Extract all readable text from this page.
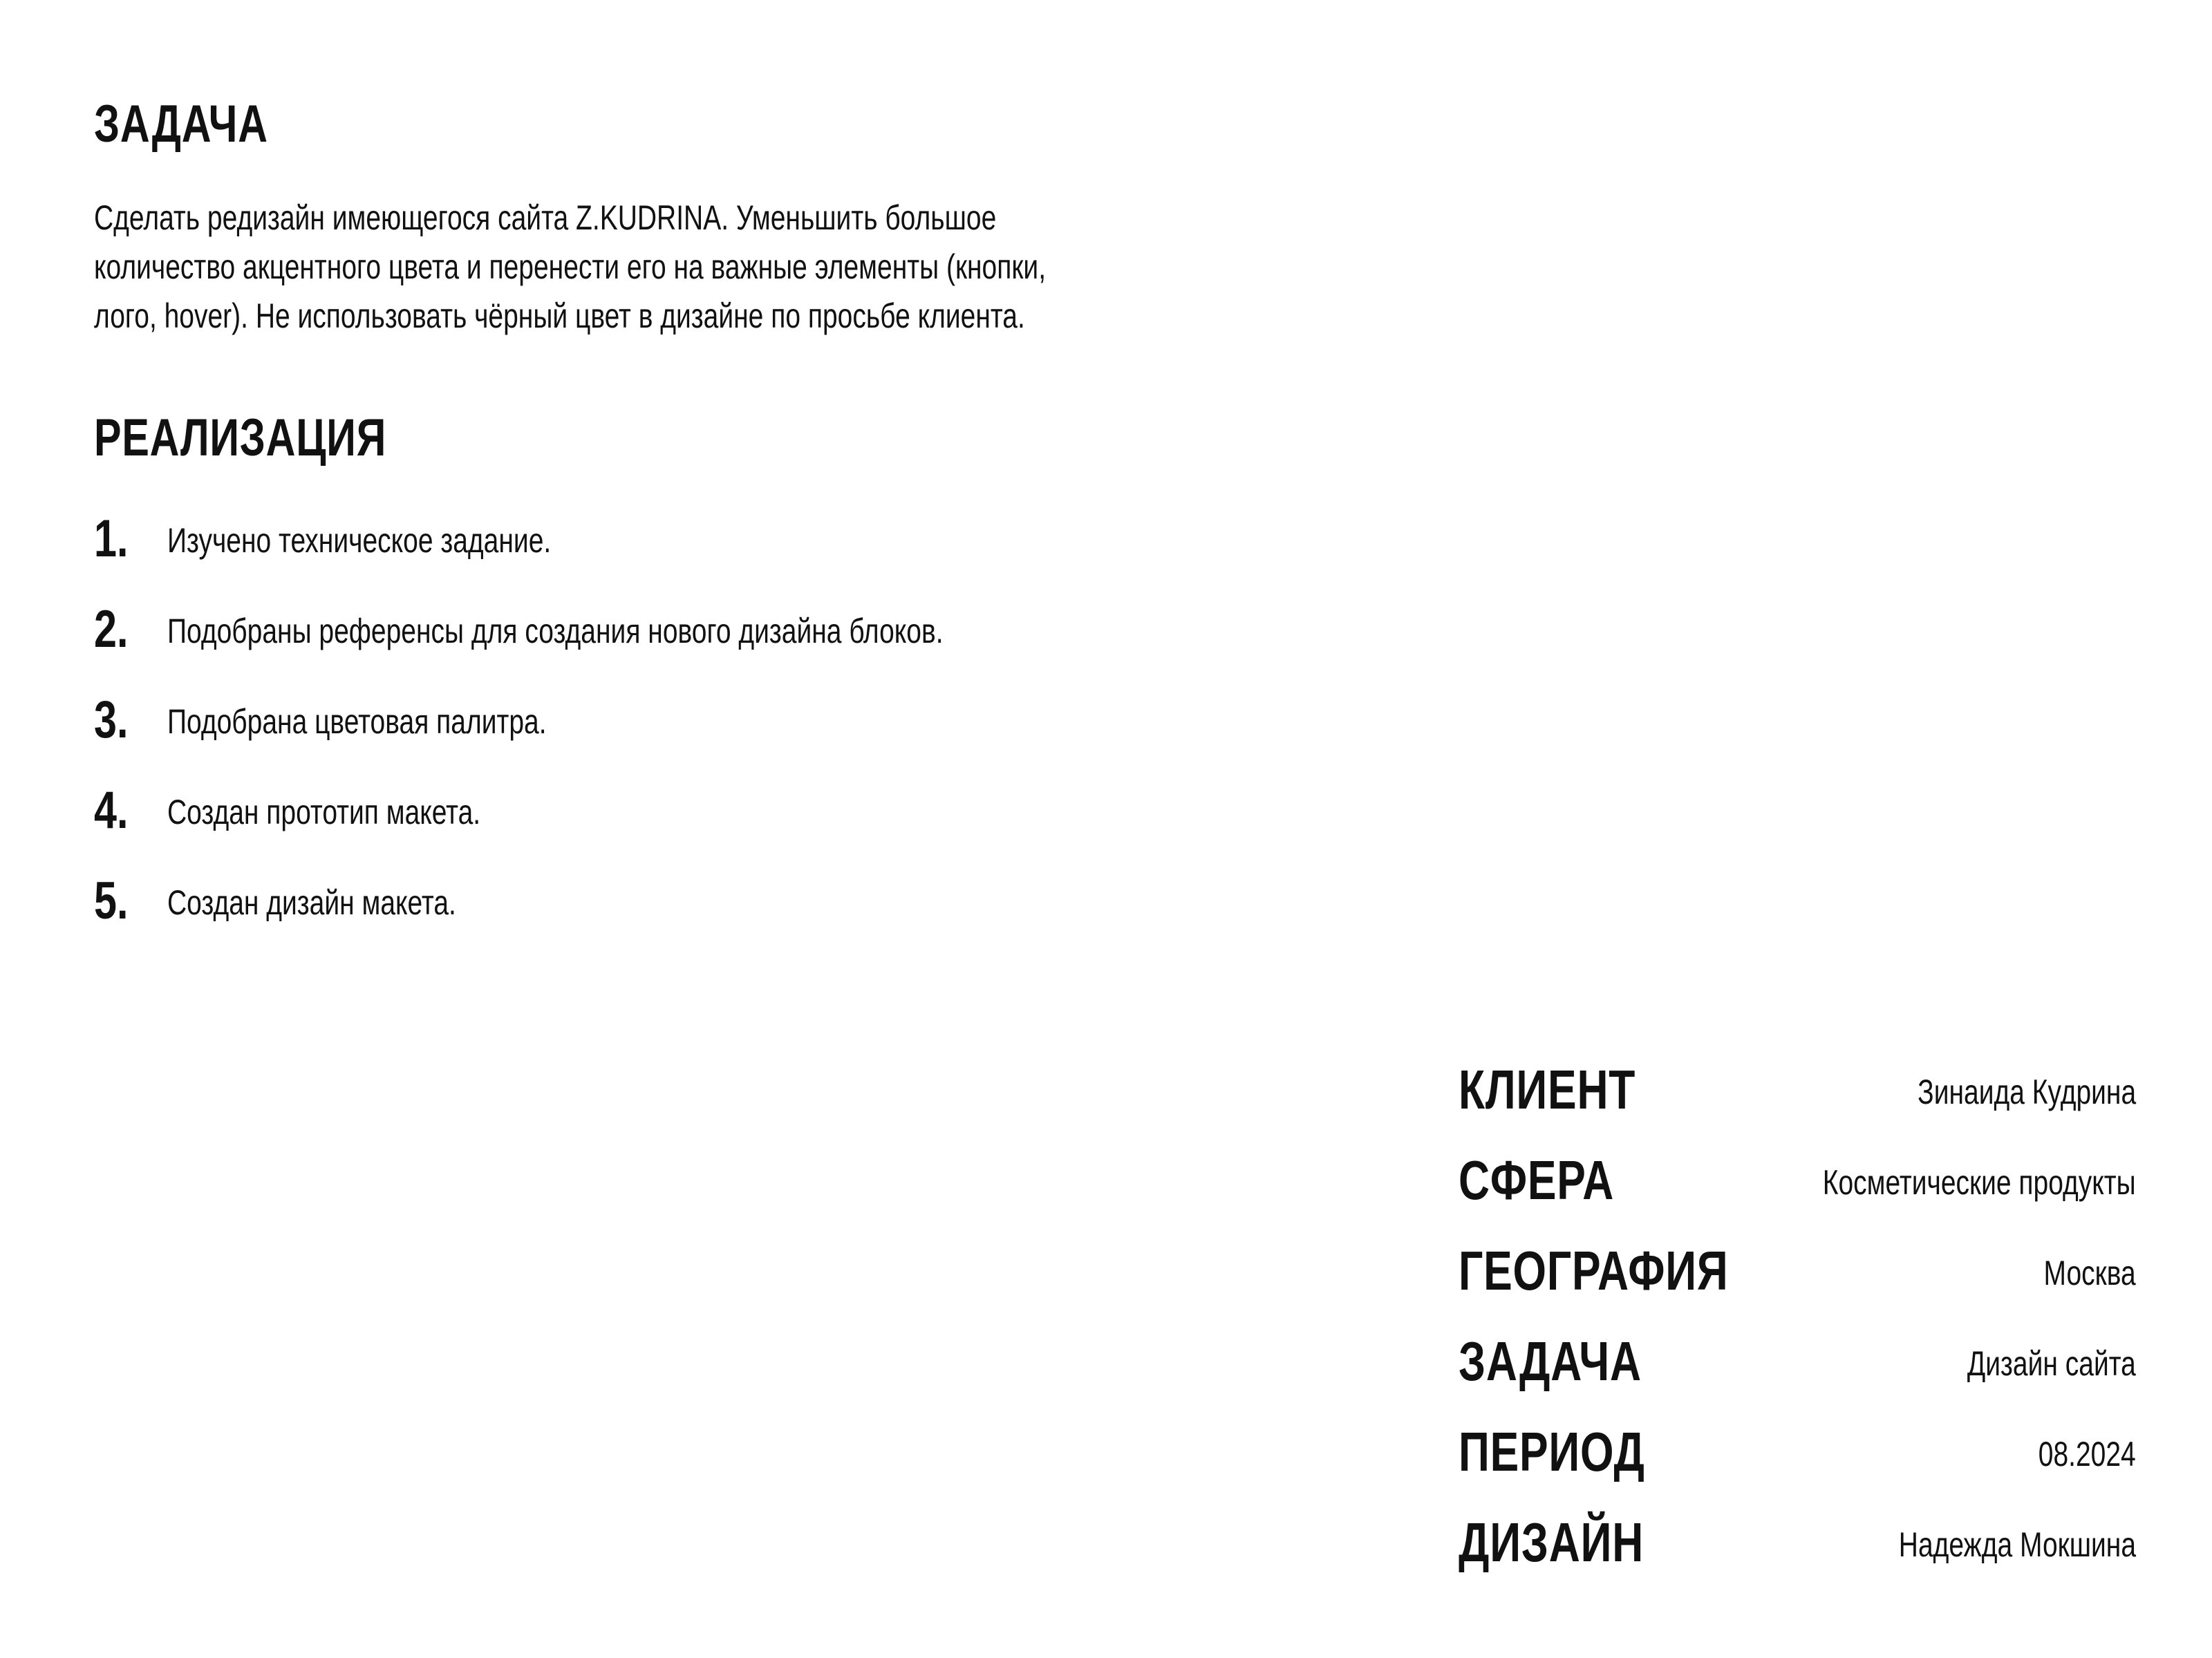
ЗАДАЧА

Сделать редизайн имеющегося сайта Z.KUDRINA. Уменьшить большое
количество акцентного цвета и перенести его на важные элементы (кнопки,
лого, hover). Не использовать чёрный цвет в дизайне по просьбе клиента.

РЕАЛИЗАЦИЯ
1. Изучено техническое задание.
2. Подобраны референсы для создания нового дизайна блоков.
3. Подобрана цветовая палитра.
4. Создан прототип макета.
5. Создан дизайн макета.
КЛИЕНТ	Зинаида Кудрина
СФЕРА	Косметические продукты
ГЕОГРАФИЯ	Москва
ЗАДАЧА	Дизайн сайта
ПЕРИОД	08.2024
ДИЗАЙН	Надежда Мокшина
